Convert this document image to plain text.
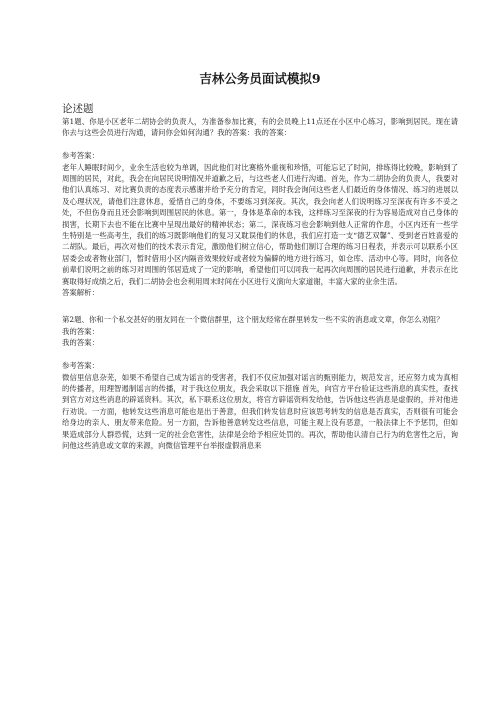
吉林公务员面试模拟9
论述题

第1题、你是小区老年二胡协会的负责人，为准备参加比赛，有的会员晚上11点还在小区中心练习，影响到居民。现在请你去与这些会员进行沟通，请问你会如何沟通？我的答案：我的答案：

参考答案：

老年人睡眠时间少，业余生活也较为单调，因此他们对比赛格外重视和珍惜，可能忘记了时间，排练得比较晚，影响到了周围的居民，对此，我会在向居民说明情况并道歉之后，与这些老人们进行沟通。首先，作为二胡协会的负责人，我要对他们认真练习、对比赛负责的态度表示感谢并给予充分的肯定，同时我会询问这些老人们最近的身体情况、练习的进展以及心理状况，请他们注意休息，爱惜自己的身体，不要练习到深夜。其次，我会向老人们说明练习至深夜有许多不妥之处，不但伤身而且还会影响到周围居民的休息。第一，身体是革命的本钱，这样练习至深夜的行为容易造成对自己身体的损害，长期下去也不能在比赛中呈现出最好的精神状态；第二，深夜练习也会影响到他人正常的作息，小区内还有一些学生特别是一些高考生，我们的练习既影响他们的复习又耽误他们的休息，我们应打造一支“德艺双馨”、受到老百姓喜爱的二胡队。最后，再次对他们的技术表示肯定，激励他们树立信心，帮助他们制订合理的练习日程表，并表示可以联系小区居委会或者物业部门，暂时借用小区内隔音效果较好或者较为偏僻的地方进行练习，如仓库、活动中心等。同时，向各位前辈们说明之前的练习对周围的邻居造成了一定的影响，希望他们可以同我一起再次向周围的居民进行道歉，并表示在比赛取得好成绩之后，我们二胡协会也会利用周末时间在小区进行义演向大家道谢，丰富大家的业余生活。

答案解析：

第2题、你和一个私交甚好的朋友同在一个微信群里，这个朋友经常在群里转发一些不实的消息或文章，你怎么劝阻？

我的答案：

我的答案：

参考答案：

微信里信息杂芜，如果不希望自己成为谣言的受害者，我们不仅应加强对谣言的甄别能力，规范发言，还应努力成为真相的传播者，用理智遏制谣言的传播，对于我这位朋友，我会采取以下措施 首先，向官方平台验证这些消息的真实性，查找到官方对这些消息的辟谣资料。其次，私下联系这位朋友，将官方辟谣资料发给他，告诉他这些消息是虚假的，并对他进行劝说。一方面，他转发这些消息可能也是出于善意，但我们转发信息时应该思考转发的信息是否真实，否则很有可能会给身边的亲人、朋友带来危险。另一方面，告诉他善意转发这些信息，可能主观上没有恶意，一般法律上不予惩罚，但如果造成部分人群恐慌，达到一定的社会危害性，法律是会给予相应处罚的。再次，帮助他认清自己行为的危害性之后，询问他这些消息或文章的来源，向微信管理平台举报虚假消息来
